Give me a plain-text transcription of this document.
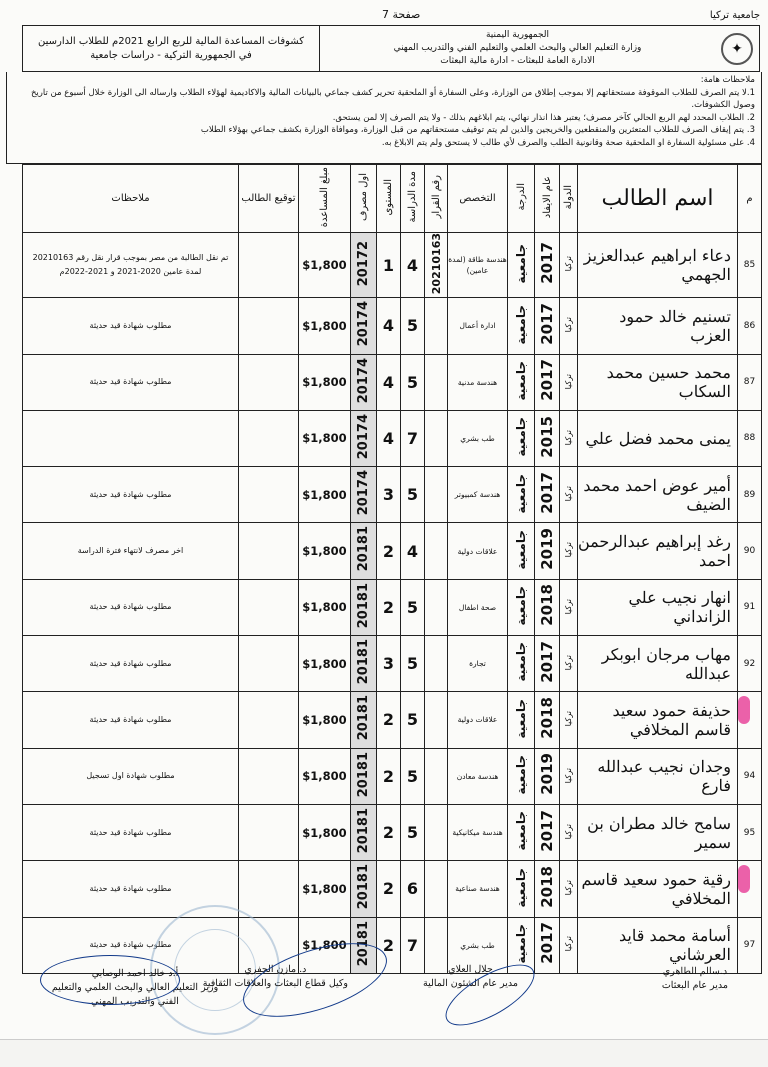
جامعية تركيا
صفحة 7
✦
الجمهورية اليمنية
وزارة التعليم العالي والبحث العلمي والتعليم الفني والتدريب المهني
الادارة العامة للبعثات - ادارة مالية البعثات
كشوفات المساعدة المالية للربع الرابع 2021م للطلاب الدارسين في الجمهورية التركية - دراسات جامعية
ملاحظات هامة:
1.لا يتم الصرف للطلاب الموقوفة مستحقاتهم إلا بموجب إطلاق من الوزارة، وعلى السفارة أو الملحقية تحرير كشف جماعي بالبيانات المالية والاكاديمية لهؤلاء الطلاب وارساله الى الوزارة خلال أسبوع من تاريخ وصول الكشوفات.
2. الطلاب المحدد لهم الربع الحالي كآخر مصرف؛ يعتبر هذا انذار نهائي، يتم ابلاغهم بذلك - ولا يتم الصرف إلا لمن يستحق.
3. يتم إيقاف الصرف للطلاب المتعثرين والمنقطعين والخريجين والذين لم يتم توقيف مستحقاتهم من قبل الوزارة، وموافاة الوزارة بكشف جماعي بهؤلاء الطلاب
4. على مسئولية السفارة او الملحقية صحة وقانونية الطلب والصرف لأي طالب لا يستحق ولم يتم الابلاغ به.
م	اسم الطالب	الدولة	عام الايفاد	الدرجة	التخصص	رقم القرار	مدة الدراسة	المستوى	اول مصرف	مبلغ المساعدة	توقيع الطالب	ملاحظات
85	دعاء ابراهيم عبدالعزيز الجهمي	تركيا	2017	جامعية	هندسة طاقة (لمدة عامين)	20210163	4	1	20172	$1,800		تم نقل الطالبة من مصر بموجب قرار نقل رقم 20210163 لمدة عامين 2020-2021 و 2021-2022م
86	تسنيم خالد حمود العزب	تركيا	2017	جامعية	ادارة أعمال		5	4	20174	$1,800		مطلوب شهادة قيد حديثة
87	محمد حسين محمد السكاب	تركيا	2017	جامعية	هندسة مدنية		5	4	20174	$1,800		مطلوب شهادة قيد حديثة
88	يمنى محمد فضل علي	تركيا	2015	جامعية	طب بشري		7	4	20174	$1,800		
89	أمير عوض احمد محمد الضيف	تركيا	2017	جامعية	هندسة كمبيوتر		5	3	20174	$1,800		مطلوب شهادة قيد حديثة
90	رغد إبراهيم عبدالرحمن احمد	تركيا	2019	جامعية	علاقات دولية		4	2	20181	$1,800		اخر مصرف لانتهاء فترة الدراسة
91	انهار نجيب علي الزانداني	تركيا	2018	جامعية	صحة اطفال		5	2	20181	$1,800		مطلوب شهادة قيد حديثة
92	مهاب مرجان ابوبكر عبدالله	تركيا	2017	جامعية	تجارة		5	3	20181	$1,800		مطلوب شهادة قيد حديثة
	حذيفة حمود سعيد قاسم المخلافي	تركيا	2018	جامعية	علاقات دولية		5	2	20181	$1,800		مطلوب شهادة قيد حديثة
94	وجدان نجيب عبدالله فارع	تركيا	2019	جامعية	هندسة معادن		5	2	20181	$1,800		مطلوب شهادة اول تسجيل
95	سامح خالد مطران بن سمير	تركيا	2017	جامعية	هندسة ميكانيكية		5	2	20181	$1,800		مطلوب شهادة قيد حديثة
	رقية حمود سعيد قاسم المخلافي	تركيا	2018	جامعية	هندسة صناعية		6	2	20181	$1,800		مطلوب شهادة قيد حديثة
97	أسامة محمد قايد العرشاني	تركيا	2017	جامعية	طب بشري		7	2	20181	$1,800		مطلوب شهادة قيد حديثة
د.سالم الطاهري
مدير عام البعثات
جلال العلاي
مدير عام الشئون المالية
د. مازن الجفري
وكيل قطاع البعثات والعلاقات الثقافية
أ.د خالد احمد الوصابي
وزير التعليم العالي والبحث العلمي والتعليم الفني والتدريب المهني
